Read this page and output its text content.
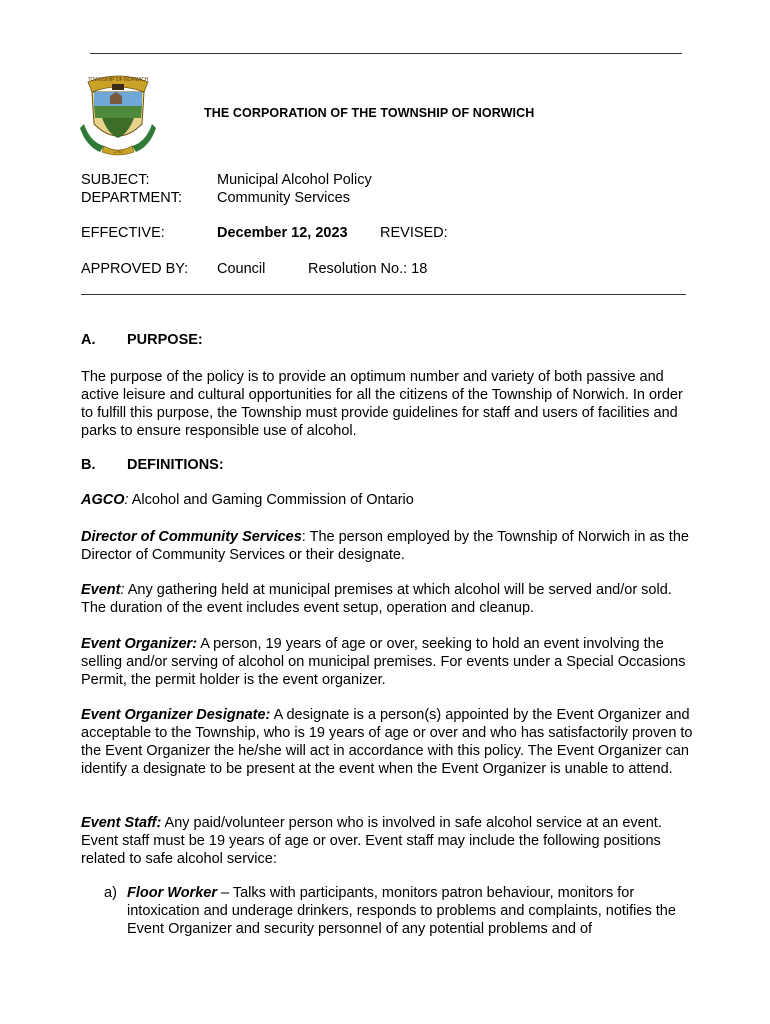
TOWNSHIP OF NORWICH
1793
THE CORPORATION OF THE TOWNSHIP OF NORWICH
SUBJECT:	Municipal Alcohol Policy
DEPARTMENT: Community Services
EFFECTIVE:	December 12, 2023 REVISED:
APPROVED BY: Council	Resolution No.: 18
A. PURPOSE:
The purpose of the policy is to provide an optimum number and variety of both passive and active leisure and cultural opportunities for all the citizens of the Township of Norwich. In order to fulfill this purpose, the Township must provide guidelines for staff and users of facilities and parks to ensure responsible use of alcohol.
B. DEFINITIONS:
AGCO: Alcohol and Gaming Commission of Ontario
Director of Community Services: The person employed by the Township of Norwich in as the Director of Community Services or their designate.
Event: Any gathering held at municipal premises at which alcohol will be served and/or sold. The duration of the event includes event setup, operation and cleanup.
Event Organizer: A person, 19 years of age or over, seeking to hold an event involving the selling and/or serving of alcohol on municipal premises. For events under a Special Occasions Permit, the permit holder is the event organizer.
Event Organizer Designate: A designate is a person(s) appointed by the Event Organizer and acceptable to the Township, who is 19 years of age or over and who has satisfactorily proven to the Event Organizer the he/she will act in accordance with this policy. The Event Organizer can identify a designate to be present at the event when the Event Organizer is unable to attend.
Event Staff: Any paid/volunteer person who is involved in safe alcohol service at an event. Event staff must be 19 years of age or over. Event staff may include the following positions related to safe alcohol service:
a) Floor Worker – Talks with participants, monitors patron behaviour, monitors for intoxication and underage drinkers, responds to problems and complaints, notifies the Event Organizer and security personnel of any potential problems and of
